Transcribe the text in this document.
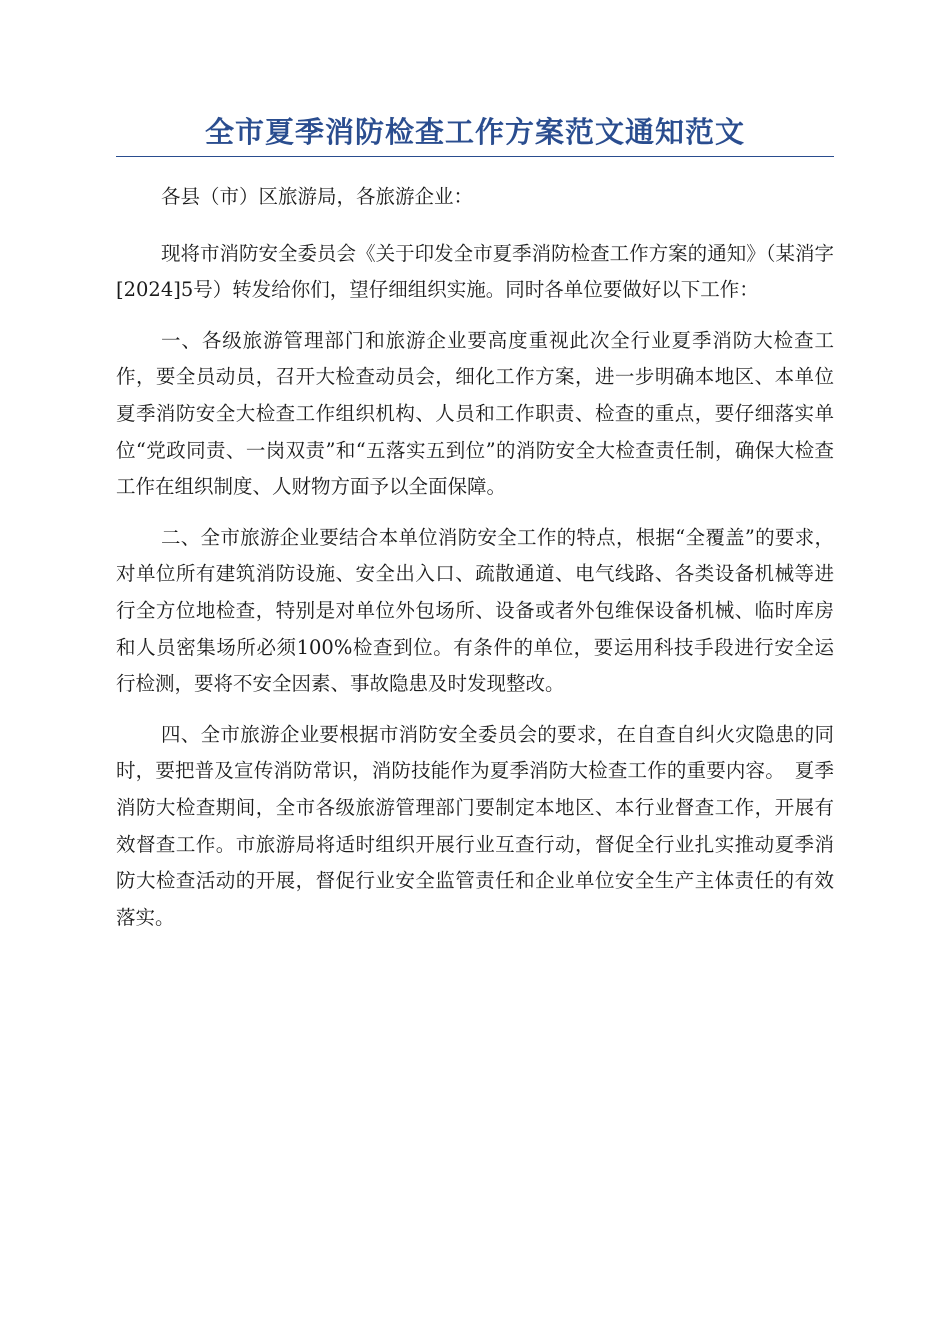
全市夏季消防检查工作方案范文通知范文

各县（市）区旅游局，各旅游企业：

现将市消防安全委员会《关于印发全市夏季消防检查工作方案的通知》（某消字[2024]5号）转发给你们，望仔细组织实施。同时各单位要做好以下工作：

一、各级旅游管理部门和旅游企业要高度重视此次全行业夏季消防大检查工作，要全员动员，召开大检查动员会，细化工作方案，进一步明确本地区、本单位夏季消防安全大检查工作组织机构、人员和工作职责、检查的重点，要仔细落实单位“党政同责、一岗双责”和“五落实五到位”的消防安全大检查责任制，确保大检查工作在组织制度、人财物方面予以全面保障。

二、全市旅游企业要结合本单位消防安全工作的特点，根据“全覆盖”的要求，对单位所有建筑消防设施、安全出入口、疏散通道、电气线路、各类设备机械等进行全方位地检查，特别是对单位外包场所、设备或者外包维保设备机械、临时库房和人员密集场所必须100%检查到位。有条件的单位，要运用科技手段进行安全运行检测，要将不安全因素、事故隐患及时发现整改。

四、全市旅游企业要根据市消防安全委员会的要求，在自查自纠火灾隐患的同时，要把普及宣传消防常识，消防技能作为夏季消防大检查工作的重要内容。　夏季消防大检查期间，全市各级旅游管理部门要制定本地区、本行业督查工作，开展有效督查工作。市旅游局将适时组织开展行业互查行动，督促全行业扎实推动夏季消防大检查活动的开展，督促行业安全监管责任和企业单位安全生产主体责任的有效落实。
